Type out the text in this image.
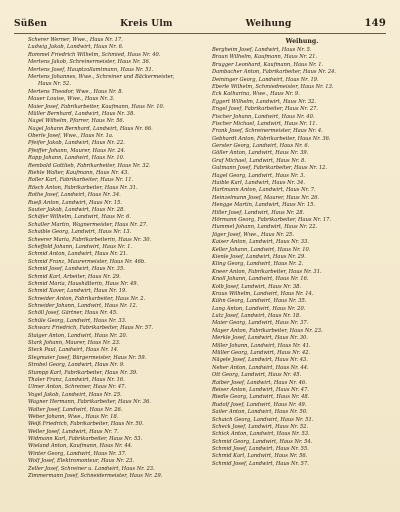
Süßen	Kreis Ulm	Weihung	149
Scherer Werner, Wwe., Haus Nr. 17.
Ludwig Jakob, Landwirt, Haus Nr. 6.
Rommel Friedrich Wilhelm, Schmied, Haus Nr. 40.
Mertens Jakob, Schreinermeister, Haus Nr. 36.
Mertens Josef, Hauptzollamtmann, Haus Nr. 51.
Mertens Johannes, Wwe., Schreiner und Bäckermeister,
Haus Nr. 52.
Mertens Theodor, Wwe., Haus Nr. 8.
Mauer Louise, Wwe., Haus Nr. 3.
Maier Josef, Fabrikarbeiter, Kaufmann, Haus Nr. 10.
Müller Bernhard, Landwirt, Haus Nr. 38.
Nagel Wilhelm, Pfarrer, Haus Nr. 56.
Nagel Johann Bernhard, Landwirt, Haus Nr. 66.
Oberle Josef, Wwe., Haus Nr. 1a.
Pfeifer Jakob, Landwirt, Haus Nr. 22.
Pfeiffer Johann, Maurer, Haus Nr. 24.
Rapp Johann, Landwirt, Haus Nr. 10.
Rembold Gottlieb, Fabrikarbeiter, Haus Nr. 32.
Riehle Walter, Kaufmann, Haus Nr. 43.
Roller Karl, Fabrikarbeiter, Haus Nr. 11.
Rösch Anton, Fabrikarbeiter, Haus Nr. 31.
Rothe Josef, Landwirt, Haus Nr. 34.
Rueß Anton, Landwirt, Haus Nr. 15.
Sauter Jakob, Landwirt, Haus Nr. 28.
Schäfer Wilhelm, Landwirt, Haus Nr. 6.
Schaller Martin, Wagnermeister, Haus Nr. 27.
Schaible Georg, Landwirt, Haus Nr. 13.
Scheerer Maria, Fabrikarbeiterin, Haus Nr. 30.
Scheffold Johann, Landwirt, Haus Nr. 1.
Schmid Anton, Landwirt, Haus Nr. 21.
Schmid Franz, Maurermeister, Haus Nr. 46b.
Schmid Josef, Landwirt, Haus Nr. 35.
Schmid Karl, Arbeiter, Haus Nr. 29.
Schmid Maria, Haushälterin, Haus Nr. 49.
Schmid Xaver, Landwirt, Haus Nr. 19.
Schneider Anton, Fabrikarbeiter, Haus Nr. 2.
Schneider Johann, Landwirt, Haus Nr. 12.
Schöll Josef, Gärtner, Haus Nr. 45.
Schüle Georg, Landwirt, Haus Nr. 33.
Schwarz Friedrich, Fabrikarbeiter, Haus Nr. 57.
Staiger Anton, Landwirt, Haus Nr. 20.
Stark Johann, Maurer, Haus Nr. 23.
Steck Paul, Landwirt, Haus Nr. 14.
Stegmaier Josef, Bürgermeister, Haus Nr. 59.
Strobel Georg, Landwirt, Haus Nr. 9.
Stumpp Karl, Fabrikarbeiter, Haus Nr. 39.
Thaler Franz, Landwirt, Haus Nr. 16.
Ulmer Anton, Schreiner, Haus Nr. 47.
Vogel Jakob, Landwirt, Haus Nr. 25.
Wagner Hermann, Fabrikarbeiter, Haus Nr. 36.
Walter Josef, Landwirt, Haus Nr. 26.
Weber Johann, Wwe., Haus Nr. 18.
Weiß Friedrich, Fabrikarbeiter, Haus Nr. 50.
Weller Josef, Landwirt, Haus Nr. 7.
Widmann Karl, Fabrikarbeiter, Haus Nr. 53.
Wieland Anton, Kaufmann, Haus Nr. 44.
Winter Georg, Landwirt, Haus Nr. 37.
Wolf Josef, Elektromonteur, Haus Nr. 23.
Zeller Josef, Schreiner u. Landwirt, Haus Nr. 23.
Zimmermann Josef, Schneidermeister, Haus Nr. 29.
Weihung.
Bergheim Josef, Landwirt, Haus Nr. 5.
Braun Wilhelm, Kaufmann, Haus Nr. 21.
Brugger Leonhard, Kaufmann, Haus Nr. 1.
Dambacher Anton, Fabrikarbeiter, Haus Nr. 24.
Deininger Georg, Landwirt, Haus Nr. 19.
Eberle Wilhelm, Schmiedmeister, Haus Nr. 13.
Eck Katharina, Wwe., Haus Nr. 9.
Eggert Wilhelm, Landwirt, Haus Nr. 32.
Engel Josef, Fabrikarbeiter, Haus Nr. 27.
Fischer Johann, Landwirt, Haus Nr. 40.
Fischer Michael, Landwirt, Haus Nr. 11.
Frank Josef, Schreinermeister, Haus Nr. 4.
Gebhardt Anton, Fabrikarbeiter, Haus Nr. 36.
Gerster Georg, Landwirt, Haus Nr. 6.
Göller Anton, Landwirt, Haus Nr. 39.
Graf Michael, Landwirt, Haus Nr. 8.
Gutmann Josef, Fabrikarbeiter, Haus Nr. 12.
Hagel Georg, Landwirt, Haus Nr. 3.
Haible Karl, Landwirt, Haus Nr. 34.
Hartmann Anton, Landwirt, Haus Nr. 7.
Heinzelmann Josef, Maurer, Haus Nr. 26.
Hengge Martin, Landwirt, Haus Nr. 15.
Hiller Josef, Landwirt, Haus Nr. 28.
Hörmann Georg, Fabrikarbeiter, Haus Nr. 17.
Hummel Johann, Landwirt, Haus Nr. 22.
Jäger Josef, Wwe., Haus Nr. 25.
Kaiser Anton, Landwirt, Haus Nr. 33.
Keller Johann, Landwirt, Haus Nr. 10.
Kienle Josef, Landwirt, Haus Nr. 29.
Kling Georg, Landwirt, Haus Nr. 2.
Kneer Anton, Fabrikarbeiter, Haus Nr. 31.
Knoll Johann, Landwirt, Haus Nr. 16.
Kolb Josef, Landwirt, Haus Nr. 38.
Kraus Wilhelm, Landwirt, Haus Nr. 14.
Kühn Georg, Landwirt, Haus Nr. 35.
Lang Anton, Landwirt, Haus Nr. 20.
Lutz Josef, Landwirt, Haus Nr. 18.
Maier Georg, Landwirt, Haus Nr. 37.
Mayer Anton, Fabrikarbeiter, Haus Nr. 23.
Merkle Josef, Landwirt, Haus Nr. 30.
Miller Johann, Landwirt, Haus Nr. 41.
Müller Georg, Landwirt, Haus Nr. 42.
Nägele Josef, Landwirt, Haus Nr. 43.
Neher Anton, Landwirt, Haus Nr. 44.
Ott Georg, Landwirt, Haus Nr. 45.
Raiber Josef, Landwirt, Haus Nr. 46.
Reiser Anton, Landwirt, Haus Nr. 47.
Riedle Georg, Landwirt, Haus Nr. 48.
Rudolf Josef, Landwirt, Haus Nr. 49.
Sailer Anton, Landwirt, Haus Nr. 50.
Schaich Georg, Landwirt, Haus Nr. 51.
Scheck Josef, Landwirt, Haus Nr. 52.
Schick Anton, Landwirt, Haus Nr. 53.
Schmid Georg, Landwirt, Haus Nr. 54.
Schmid Josef, Landwirt, Haus Nr. 55.
Schmid Karl, Landwirt, Haus Nr. 56.
Schmid Josef, Landwirt, Haus Nr. 57.
